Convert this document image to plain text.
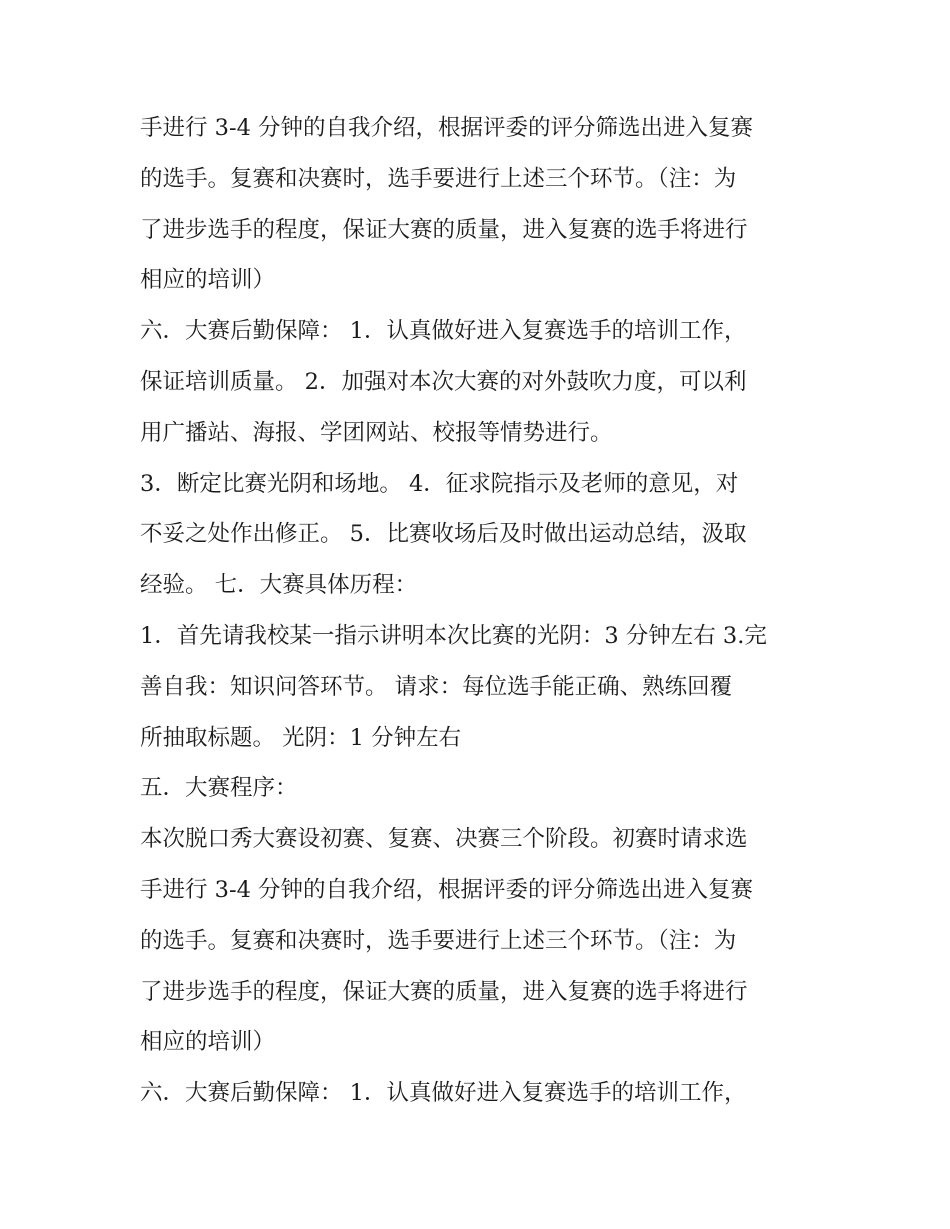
手进行 3-4 分钟的自我介绍，根据评委的评分筛选出进入复赛
的选手。复赛和决赛时，选手要进行上述三个环节。（注：为
了进步选手的程度，保证大赛的质量，进入复赛的选手将进行
相应的培训）
六．大赛后勤保障： 1．认真做好进入复赛选手的培训工作，
保证培训质量。 2．加强对本次大赛的对外鼓吹力度，可以利
用广播站、海报、学团网站、校报等情势进行。
3．断定比赛光阴和场地。 4．征求院指示及老师的意见，对
不妥之处作出修正。 5．比赛收场后及时做出运动总结，汲取
经验。 七．大赛具体历程：
1．首先请我校某一指示讲明本次比赛的光阴：3 分钟左右 3.完
善自我：知识问答环节。 请求：每位选手能正确、熟练回覆
所抽取标题。 光阴：1 分钟左右
五．大赛程序：
本次脱口秀大赛设初赛、复赛、决赛三个阶段。初赛时请求选
手进行 3-4 分钟的自我介绍，根据评委的评分筛选出进入复赛
的选手。复赛和决赛时，选手要进行上述三个环节。（注：为
了进步选手的程度，保证大赛的质量，进入复赛的选手将进行
相应的培训）
六．大赛后勤保障： 1．认真做好进入复赛选手的培训工作，
